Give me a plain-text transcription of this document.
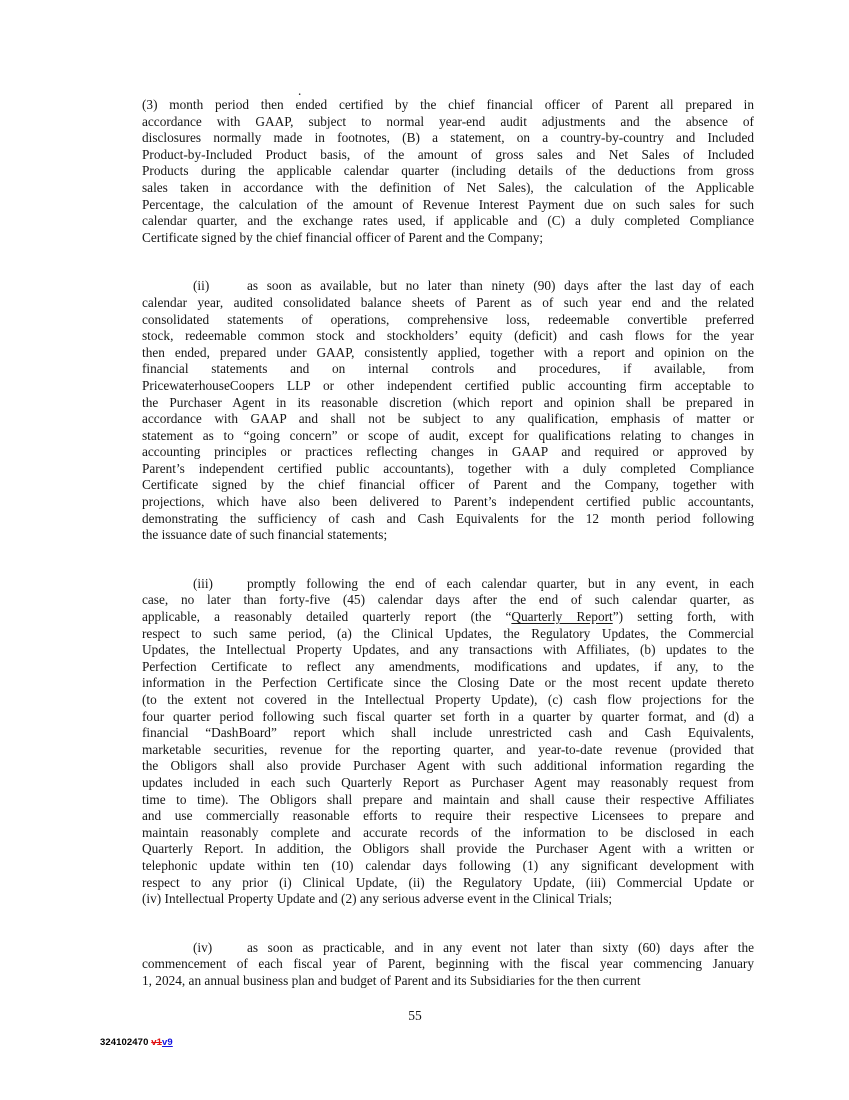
.
(3) month period then ended certified by the chief financial officer of Parent all prepared in
accordance with GAAP, subject to normal year-end audit adjustments and the absence of
disclosures normally made in footnotes, (B) a statement, on a country-by-country and Included
Product-by-Included Product basis, of the amount of gross sales and Net Sales of Included
Products during the applicable calendar quarter (including details of the deductions from gross
sales taken in accordance with the definition of Net Sales), the calculation of the Applicable
Percentage, the calculation of the amount of Revenue Interest Payment due on such sales for such
calendar quarter, and the exchange rates used, if applicable and (C) a duly completed Compliance
Certificate signed by the chief financial officer of Parent and the Company;
(ii)	as soon as available, but no later than ninety (90) days after the last day of each
calendar year, audited consolidated balance sheets of Parent as of such year end and the related
consolidated statements of operations, comprehensive loss, redeemable convertible preferred
stock, redeemable common stock and stockholders’ equity (deficit) and cash flows for the year
then ended, prepared under GAAP, consistently applied, together with a report and opinion on the
financial statements and on internal controls and procedures, if available, from
PricewaterhouseCoopers LLP or other independent certified public accounting firm acceptable to
the Purchaser Agent in its reasonable discretion (which report and opinion shall be prepared in
accordance with GAAP and shall not be subject to any qualification, emphasis of matter or
statement as to “going concern” or scope of audit, except for qualifications relating to changes in
accounting principles or practices reflecting changes in GAAP and required or approved by
Parent’s independent certified public accountants), together with a duly completed Compliance
Certificate signed by the chief financial officer of Parent and the Company, together with
projections, which have also been delivered to Parent’s independent certified public accountants,
demonstrating the sufficiency of cash and Cash Equivalents for the 12 month period following
the issuance date of such financial statements;
(iii)	promptly following the end of each calendar quarter, but in any event, in each
case, no later than forty-five (45) calendar days after the end of such calendar quarter, as
applicable, a reasonably detailed quarterly report (the “Quarterly Report”) setting forth, with
respect to such same period, (a) the Clinical Updates, the Regulatory Updates, the Commercial
Updates, the Intellectual Property Updates, and any transactions with Affiliates, (b) updates to the
Perfection Certificate to reflect any amendments, modifications and updates, if any, to the
information in the Perfection Certificate since the Closing Date or the most recent update thereto
(to the extent not covered in the Intellectual Property Update), (c) cash flow projections for the
four quarter period following such fiscal quarter set forth in a quarter by quarter format, and (d) a
financial “DashBoard” report which shall include unrestricted cash and Cash Equivalents,
marketable securities, revenue for the reporting quarter, and year-to-date revenue (provided that
the Obligors shall also provide Purchaser Agent with such additional information regarding the
updates included in each such Quarterly Report as Purchaser Agent may reasonably request from
time to time). The Obligors shall prepare and maintain and shall cause their respective Affiliates
and use commercially reasonable efforts to require their respective Licensees to prepare and
maintain reasonably complete and accurate records of the information to be disclosed in each
Quarterly Report. In addition, the Obligors shall provide the Purchaser Agent with a written or
telephonic update within ten (10) calendar days following (1) any significant development with
respect to any prior (i) Clinical Update, (ii) the Regulatory Update, (iii) Commercial Update or
(iv) Intellectual Property Update and (2) any serious adverse event in the Clinical Trials;
(iv)	as soon as practicable, and in any event not later than sixty (60) days after the
commencement of each fiscal year of Parent, beginning with the fiscal year commencing January
1, 2024, an annual business plan and budget of Parent and its Subsidiaries for the then current
55
324102470 v1v9
